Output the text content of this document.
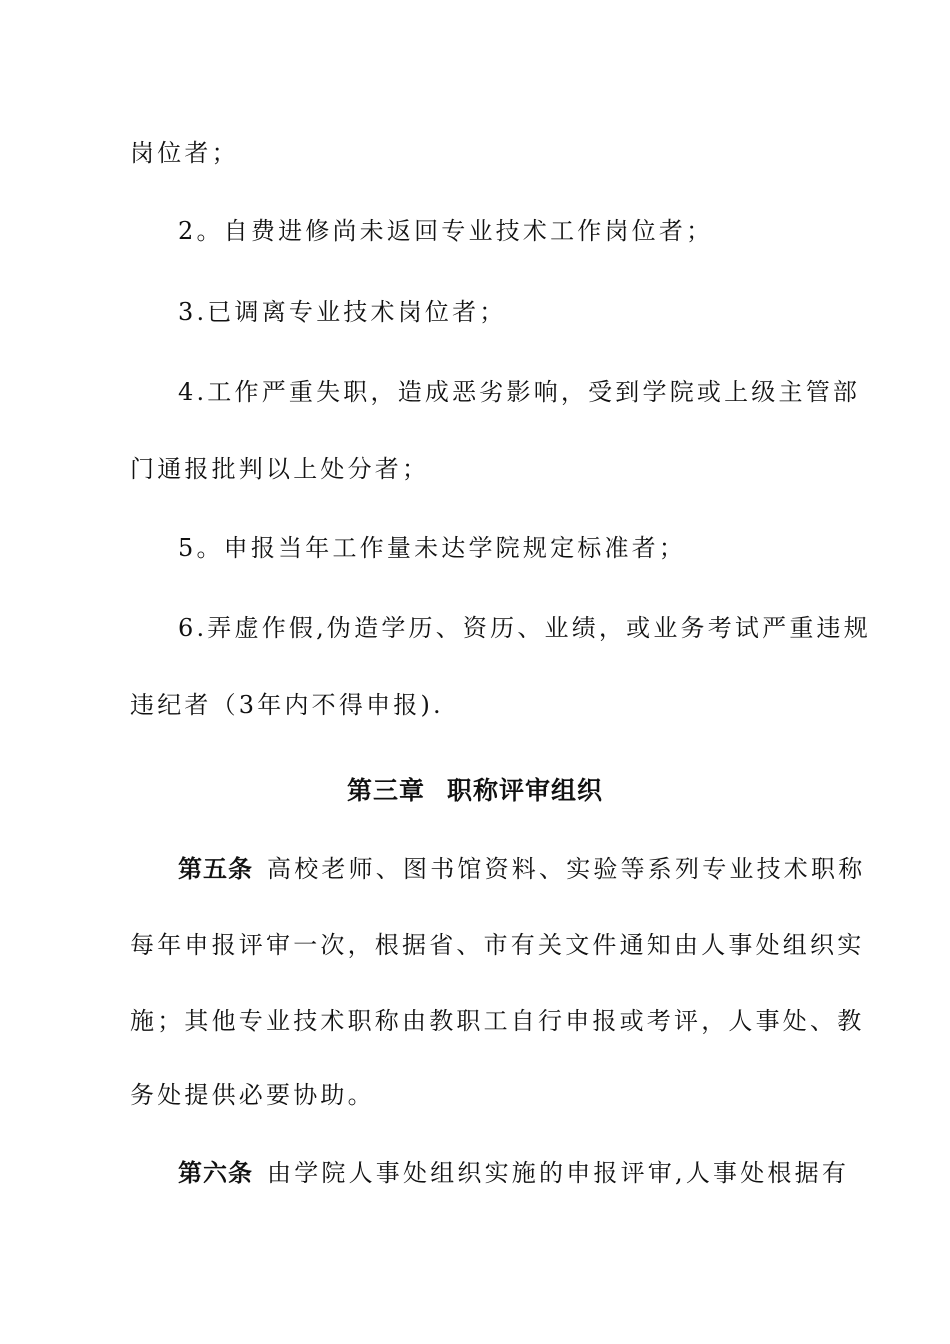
岗位者；
2。自费进修尚未返回专业技术工作岗位者；
3.已调离专业技术岗位者；
4.工作严重失职，造成恶劣影响，受到学院或上级主管部
门通报批判以上处分者；
5。申报当年工作量未达学院规定标准者；
6.弄虚作假,伪造学历、资历、业绩，或业务考试严重违规
违纪者（3年内不得申报).
第三章 职称评审组织
第五条 高校老师、图书馆资料、实验等系列专业技术职称
每年申报评审一次，根据省、市有关文件通知由人事处组织实
施；其他专业技术职称由教职工自行申报或考评，人事处、教
务处提供必要协助。
第六条 由学院人事处组织实施的申报评审,人事处根据有
